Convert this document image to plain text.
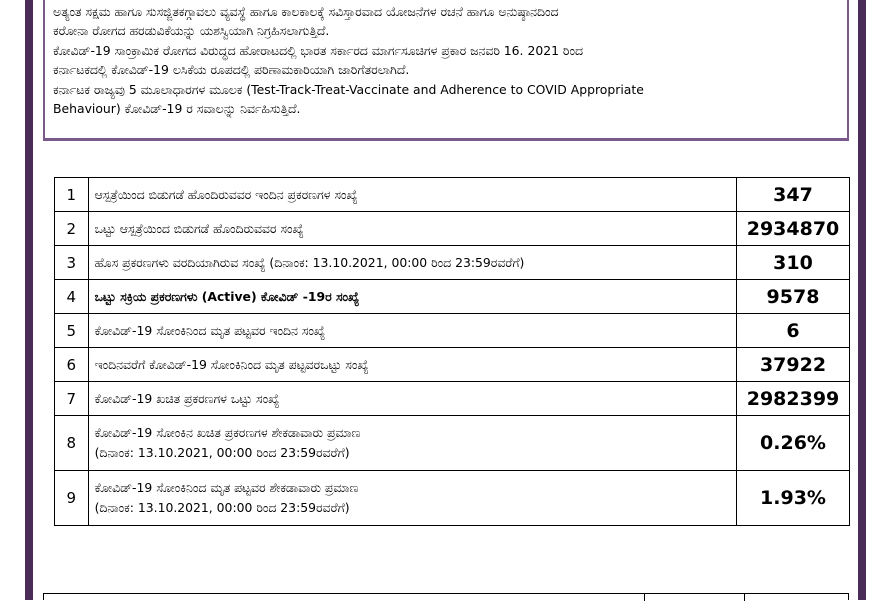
ಅತ್ಯಂತ ಸಕ್ಷಮ ಹಾಗೂ ಸುಸಜ್ಜಿತಕಗ್ಗಾವಲು ವ್ಯವಸ್ಥೆ ಹಾಗೂ ಕಾಲಕಾಲಕ್ಕೆ ಸವಿಸ್ತಾರವಾದ ಯೋಜನೆಗಳ ರಚನೆ ಹಾಗೂ ಅನುಷ್ಠಾನದಿಂದ

ಕರೋನಾ ರೋಗದ ಹರಡುವಿಕೆಯನ್ನು ಯಶಸ್ವಿಯಾಗಿ ನಿಗ್ರಹಿಸಲಾಗುತ್ತಿದೆ.

ಕೋವಿಡ್-19 ಸಾಂಕ್ರಾಮಿಕ ರೋಗದ ವಿರುದ್ಧದ ಹೋರಾಟದಲ್ಲಿ ಭಾರತ ಸರ್ಕಾರದ ಮಾರ್ಗಸೂಚಿಗಳ ಪ್ರಕಾರ ಜನವರಿ 16. 2021 ರಿಂದ

ಕರ್ನಾಟಕದಲ್ಲಿ ಕೋವಿಡ್-19 ಲಸಿಕೆಯ ರೂಪದಲ್ಲಿ ಪರಿಣಾಮಕಾರಿಯಾಗಿ ಜಾರಿಗೆತರಲಾಗಿದೆ.

ಕರ್ನಾಟಕ ರಾಜ್ಯವು 5 ಮೂಲಾಧಾರಗಳ ಮೂಲಕ (Test-Track-Treat-Vaccinate and Adherence to COVID Appropriate

Behaviour) ಕೋವಿಡ್-19 ರ ಸವಾಲನ್ನು ನಿರ್ವಹಿಸುತ್ತಿದೆ.

1	ಆಸ್ಪತ್ರೆಯಿಂದ ಬಿಡುಗಡೆ ಹೊಂದಿರುವವರ ಇಂದಿನ ಪ್ರಕರಣಗಳ ಸಂಖ್ಯೆ	347
2	ಒಟ್ಟು ಆಸ್ಪತ್ರೆಯಿಂದ ಬಿಡುಗಡೆ ಹೊಂದಿರುವವರ ಸಂಖ್ಯೆ	2934870
3	ಹೊಸ ಪ್ರಕರಣಗಳು ವರದಿಯಾಗಿರುವ ಸಂಖ್ಯೆ (ದಿನಾಂಕ: 13.10.2021, 00:00 ರಿಂದ 23:59ರವರೆಗೆ)	310
4	ಒಟ್ಟು ಸಕ್ರಿಯ ಪ್ರಕರಣಗಳು (Active) ಕೋವಿಡ್ -19ರ ಸಂಖ್ಯೆ	9578
5	ಕೋವಿಡ್-19 ಸೋಂಕಿನಿಂದ ಮೃತ ಪಟ್ಟವರ ಇಂದಿನ ಸಂಖ್ಯೆ	6
6	ಇಂದಿನವರೆಗೆ ಕೋವಿಡ್-19 ಸೋಂಕಿನಿಂದ ಮೃತ ಪಟ್ಟವರಒಟ್ಟು ಸಂಖ್ಯೆ	37922
7	ಕೋವಿಡ್-19 ಖಚಿತ ಪ್ರಕರಣಗಳ ಒಟ್ಟು ಸಂಖ್ಯೆ	2982399
8	ಕೋವಿಡ್-19 ಸೋಂಕಿನ ಖಚಿತ ಪ್ರಕರಣಗಳ ಶೇಕಡಾವಾರು ಪ್ರಮಾಣ
(ದಿನಾಂಕ: 13.10.2021, 00:00 ರಿಂದ 23:59ರವರೆಗೆ)	0.26%
9	ಕೋವಿಡ್-19 ಸೋಂಕಿನಿಂದ ಮೃತ ಪಟ್ಟವರ ಶೇಕಡಾವಾರು ಪ್ರಮಾಣ
(ದಿನಾಂಕ: 13.10.2021, 00:00 ರಿಂದ 23:59ರವರೆಗೆ)	1.93%
